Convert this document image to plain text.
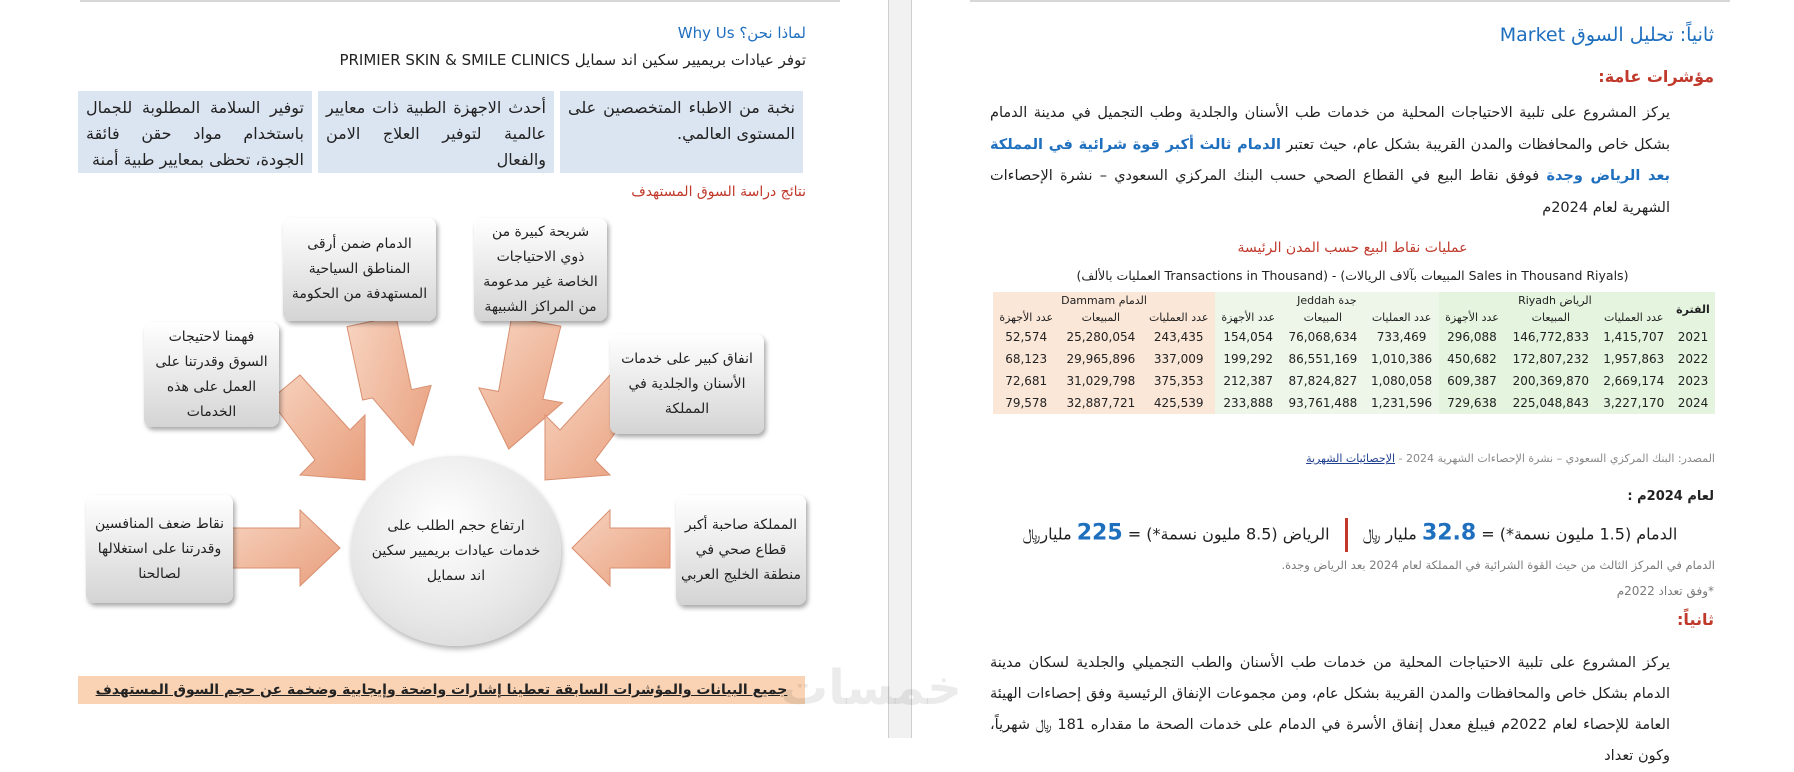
لماذا نحن؟ Why Us
توفر عيادات بريميير سكين اند سمايل PRIMIER SKIN & SMILE CLINICS
نخبة من الاطباء المتخصصين على المستوى العالمي.
أحدث الاجهزة الطبية ذات معايير عالمية لتوفير العلاج الامن والفعال
توفير السلامة المطلوبة للجمال باستخدام مواد حقن فائقة الجودة، تحظى بمعايير طبية أمنة
نتائج دراسة السوق المستهدف
الدمام ضمن أرقى المناطق السياحية المستهدفة من الحكومة
شريحة كبيرة من ذوي الاحتياجات الخاصة غير مدعومة من المراكز الشبيهة
فهمنا لاحتيجات السوق وقدرتنا على العمل على هذه الخدمات
انفاق كبير على خدمات الأسنان والجلدية في المملكة
نقاط ضعف المنافسين وقدرتنا على استغلالها لصالحنا
المملكة صاحبة أكبر قطاع صحي في منطقة الخليج العربي
ارتفاع حجم الطلب على خدمات عيادات بريميير سكين اند سمايل
جميع البيانات والمؤشرات السابقة تعطينا إشارات واضحة وإيجابية وضخمة عن حجم السوق المستهدف
ثانياً: تحليل السوق Market
مؤشرات عامة:
يركز المشروع على تلبية الاحتياجات المحلية من خدمات طب الأسنان والجلدية وطب التجميل في مدينة الدمام بشكل خاص والمحافظات والمدن القريبة بشكل عام، حيث تعتبر الدمام ثالث أكبر قوة شرائية في المملكة بعد الرياض وجدة فوفق نقاط البيع في القطاع الصحي حسب البنك المركزي السعودي – نشرة الإحصاءات الشهرية لعام 2024م
عمليات نقاط البيع حسب المدن الرئيسة
(Sales in Thousand Riyals المبيعات بآلاف الريالات) - (Transactions in Thousand العمليات بالألف)
الفترة	الرياض Riyadh			جدة Jeddah			الدمام Dammam		
	عدد العمليات	المبيعات	عدد الأجهزة	عدد العمليات	المبيعات	عدد الأجهزة	عدد العمليات	المبيعات	عدد الأجهزة
2021	1,415,707	146,772,833	296,088	733,469	76,068,634	154,054	243,435	25,280,054	52,574
2022	1,957,863	172,807,232	450,682	1,010,386	86,551,169	199,292	337,009	29,965,896	68,123
2023	2,669,174	200,369,870	609,387	1,080,058	87,824,827	212,387	375,353	31,029,798	72,681
2024	3,227,170	225,048,843	729,638	1,231,596	93,761,488	233,888	425,539	32,887,721	79,578
المصدر: البنك المركزي السعودي – نشرة الإحصاءات الشهرية 2024 - الإحصائيات الشهرية
لعام 2024م :
الدمام (1.5 مليون نسمة*) = 32.8 مليار ﷼  الرياض (8.5 مليون نسمة*) = 225 مليار﷼
الدمام في المركز الثالث من حيث القوة الشرائية في المملكة لعام 2024 بعد الرياض وجدة.
*وفق تعداد 2022م
ثانياً:
يركز المشروع على تلبية الاحتياجات المحلية من خدمات طب الأسنان والطب التجميلي والجلدية لسكان مدينة الدمام بشكل خاص والمحافظات والمدن القريبة بشكل عام، ومن مجموعات الإنفاق الرئيسية وفق إحصاءات الهيئة العامة للإحصاء لعام 2022م فيبلغ معدل إنفاق الأسرة في الدمام على خدمات الصحة ما مقداره 181 ﷼ شهرياً، وكون تعداد
خمسات
